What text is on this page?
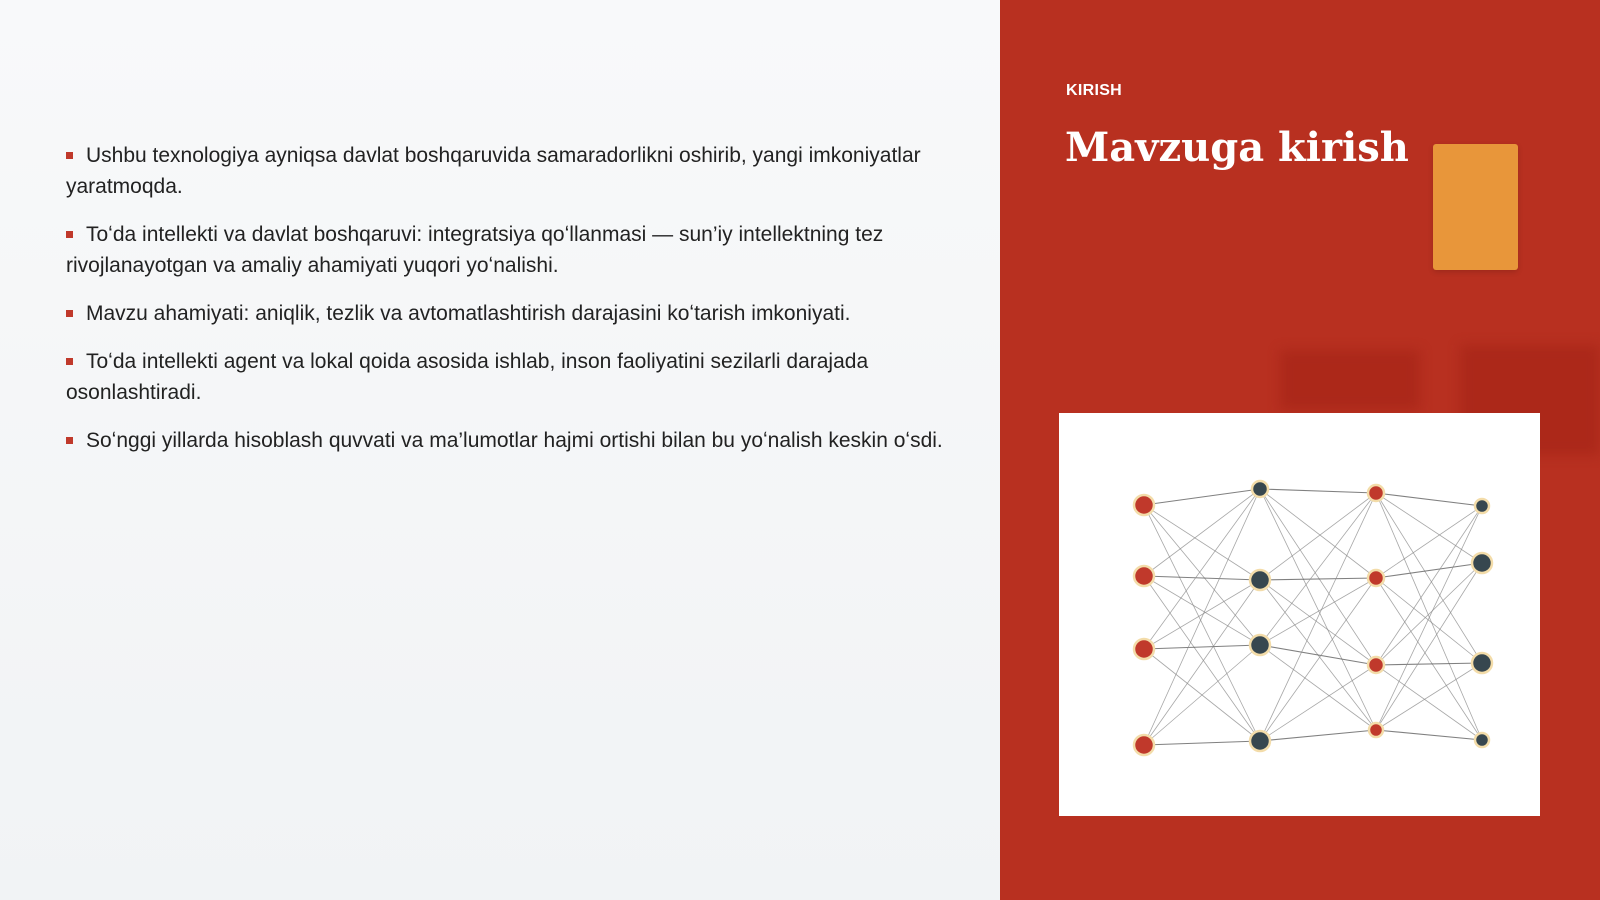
Ushbu texnologiya ayniqsa davlat boshqaruvida samaradorlikni oshirib, yangi imkoniyatlar yaratmoqda.
Toʻda intellekti va davlat boshqaruvi: integratsiya qoʻllanmasi — sun’iy intellektning tez rivojlanayotgan va amaliy ahamiyati yuqori yoʻnalishi.
Mavzu ahamiyati: aniqlik, tezlik va avtomatlashtirish darajasini koʻtarish imkoniyati.
Toʻda intellekti agent va lokal qoida asosida ishlab, inson faoliyatini sezilarli darajada osonlashtiradi.
Soʻnggi yillarda hisoblash quvvati va ma’lumotlar hajmi ortishi bilan bu yoʻnalish keskin oʻsdi.
KIRISH
Mavzuga kirish
